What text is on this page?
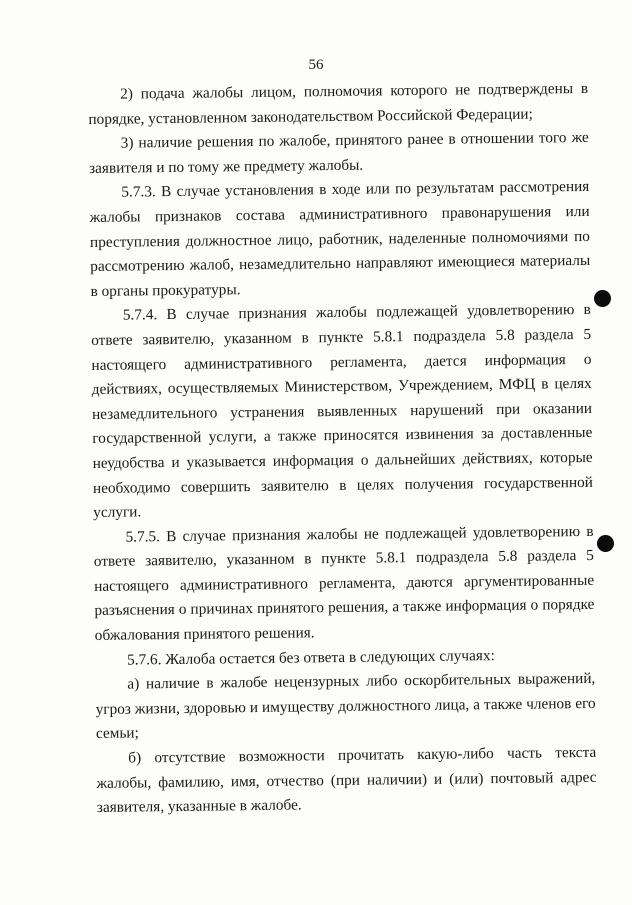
56

2) подача жалобы лицом, полномочия которого не подтверждены в порядке, установленном законодательством Российской Федерации;

3) наличие решения по жалобе, принятого ранее в отношении того же заявителя и по тому же предмету жалобы.

5.7.3. В случае установления в ходе или по результатам рассмотрения жалобы признаков состава административного правонарушения или преступления должностное лицо, работник, наделенные полномочиями по рассмотрению жалоб, незамедлительно направляют имеющиеся материалы в органы прокуратуры.

5.7.4. В случае признания жалобы подлежащей удовлетворению в ответе заявителю, указанном в пункте 5.8.1 подраздела 5.8 раздела 5 настоящего административного регламента, дается информация о действиях, осуществляемых Министерством, Учреждением, МФЦ в целях незамедлительного устранения выявленных нарушений при оказании государственной услуги, а также приносятся извинения за доставленные неудобства и указывается информация о дальнейших действиях, которые необходимо совершить заявителю в целях получения государственной услуги.

5.7.5. В случае признания жалобы не подлежащей удовлетворению в ответе заявителю, указанном в пункте 5.8.1 подраздела 5.8 раздела 5 настоящего административного регламента, даются аргументированные разъяснения о причинах принятого решения, а также информация о порядке обжалования принятого решения.

5.7.6. Жалоба остается без ответа в следующих случаях:

а) наличие в жалобе нецензурных либо оскорбительных выражений, угроз жизни, здоровью и имуществу должностного лица, а также членов его семьи;

б) отсутствие возможности прочитать какую-либо часть текста жалобы, фамилию, имя, отчество (при наличии) и (или) почтовый адрес заявителя, указанные в жалобе.
